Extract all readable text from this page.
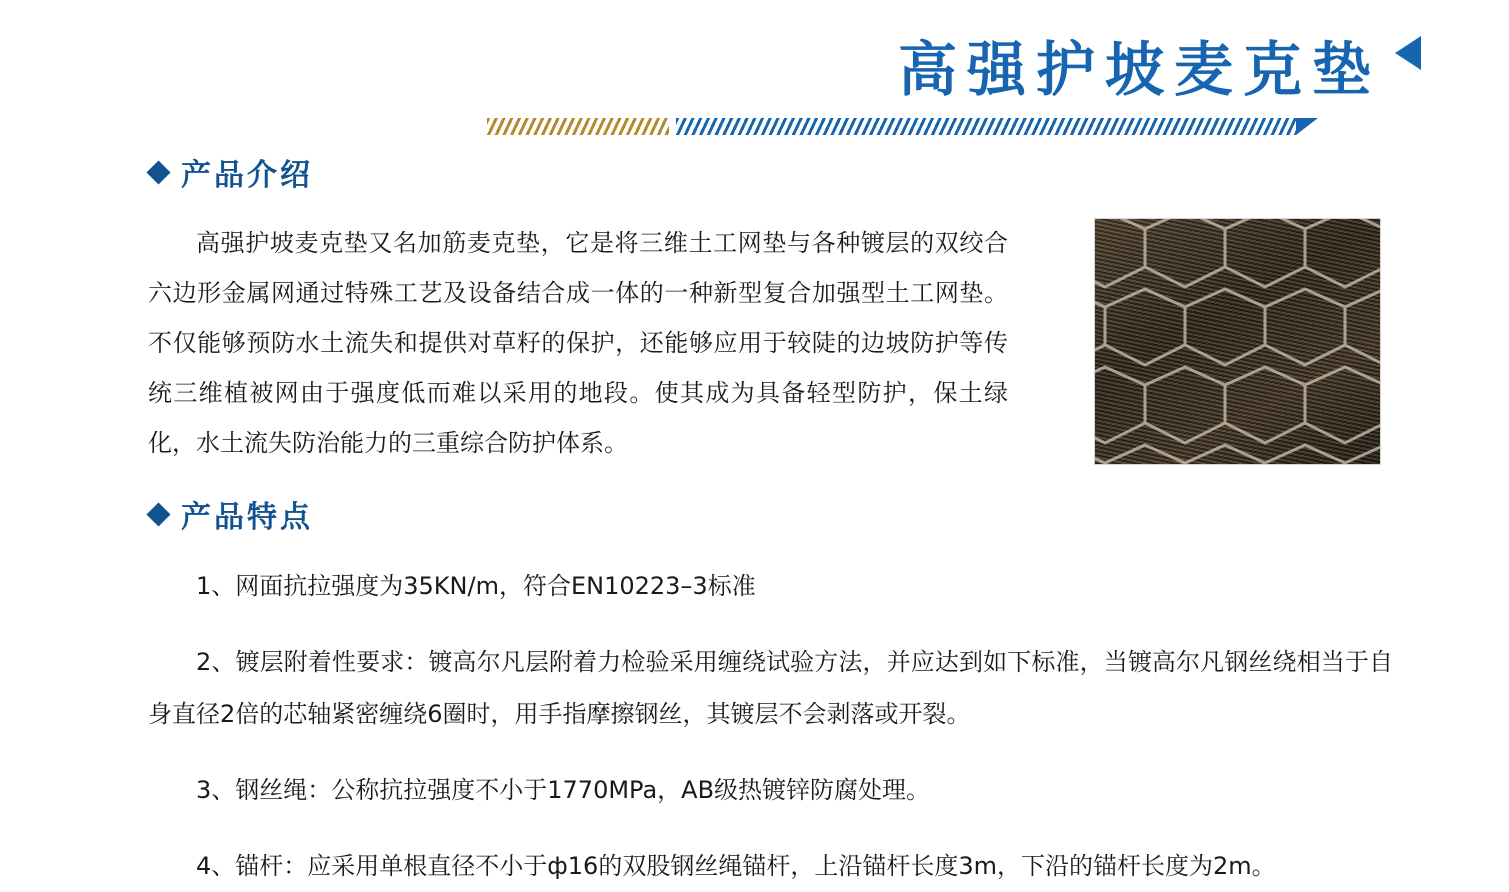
高强护坡麦克垫
产品介绍

高强护坡麦克垫又名加筋麦克垫，它是将三维土工网垫与各种镀层的双绞合六边形金属网通过特殊工艺及设备结合成一体的一种新型复合加强型土工网垫。不仅能够预防水土流失和提供对草籽的保护，还能够应用于较陡的边坡防护等传统三维植被网由于强度低而难以采用的地段。使其成为具备轻型防护，保土绿化，水土流失防治能力的三重综合防护体系。

产品特点

1、网面抗拉强度为35KN/m，符合EN10223–3标准

2、镀层附着性要求：镀高尔凡层附着力检验采用缠绕试验方法，并应达到如下标准，当镀高尔凡钢丝绕相当于自身直径2倍的芯轴紧密缠绕6圈时，用手指摩擦钢丝，其镀层不会剥落或开裂。

3、钢丝绳：公称抗拉强度不小于1770MPa，AB级热镀锌防腐处理。

4、锚杆：应采用单根直径不小于ф16的双股钢丝绳锚杆，上沿锚杆长度3m，下沿的锚杆长度为2m。
